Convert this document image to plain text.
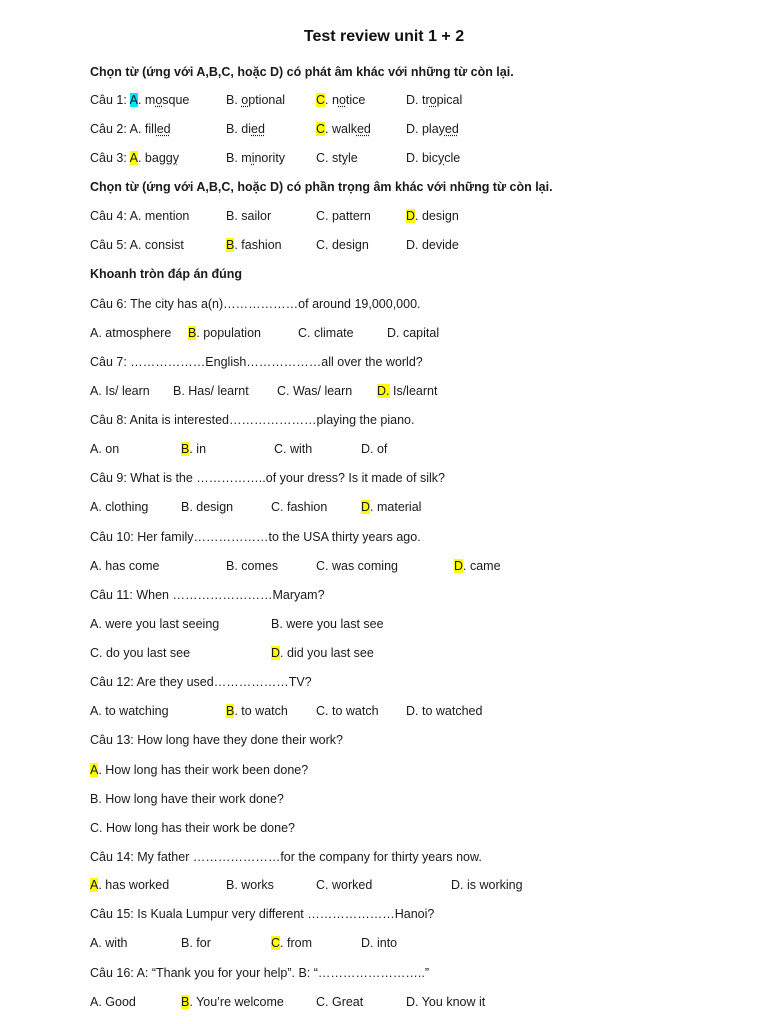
Test review unit 1 + 2
Chọn từ (ứng với A,B,C, hoặc D) có phát âm khác với những từ còn lại.
Câu 1: A. mosque	B. optional C. notice	D. tropical
Câu 2: A. filled	B. died	C. walked	D. played
Câu 3: A. baggy	B. minority C. style	D. bicycle
Chọn từ (ứng với A,B,C, hoặc D) có phần trọng âm khác với những từ còn lại.
Câu 4: A. mention	B. sailor	C. pattern	D. design
Câu 5: A. consist	B. fashion	C. design	D. devide
Khoanh tròn đáp án đúng
Câu 6: The city has a(n)………………of around 19,000,000.
A. atmosphere B. population	C. climate	D. capital
Câu 7: ………………English………………all over the world?
A. Is/ learn B. Has/ learnt C. Was/ learn D. Is/learnt
Câu 8: Anita is interested…………………playing the piano.
A. on	B. in	C. with	D. of
Câu 9: What is the ……………..of your dress? Is it made of silk?
A. clothing	B. design	C. fashion	D. material
Câu 10: Her family………………to the USA thirty years ago.
A. has come	B. comes	C. was coming	D. came
Câu 11: When ……………………Maryam?
A. were you last seeing	B. were you last see
C. do you last see	D. did you last see
Câu 12: Are they used………………TV?
A. to watching	B. to watch C. to watch D. to watched
Câu 13: How long have they done their work?
A. How long has their work been done?
B. How long have their work done?
C. How long has their work be done?
Câu 14: My father …………………for the company for thirty years now.
A. has worked	B. works	C. worked	D. is working
Câu 15: Is Kuala Lumpur very different …………………Hanoi?
A. with	B. for	C. from	D. into
Câu 16: A: “Thank you for your help”. B: “……………………..”
A. Good	B. You’re welcome	C. Great	D. You know it
